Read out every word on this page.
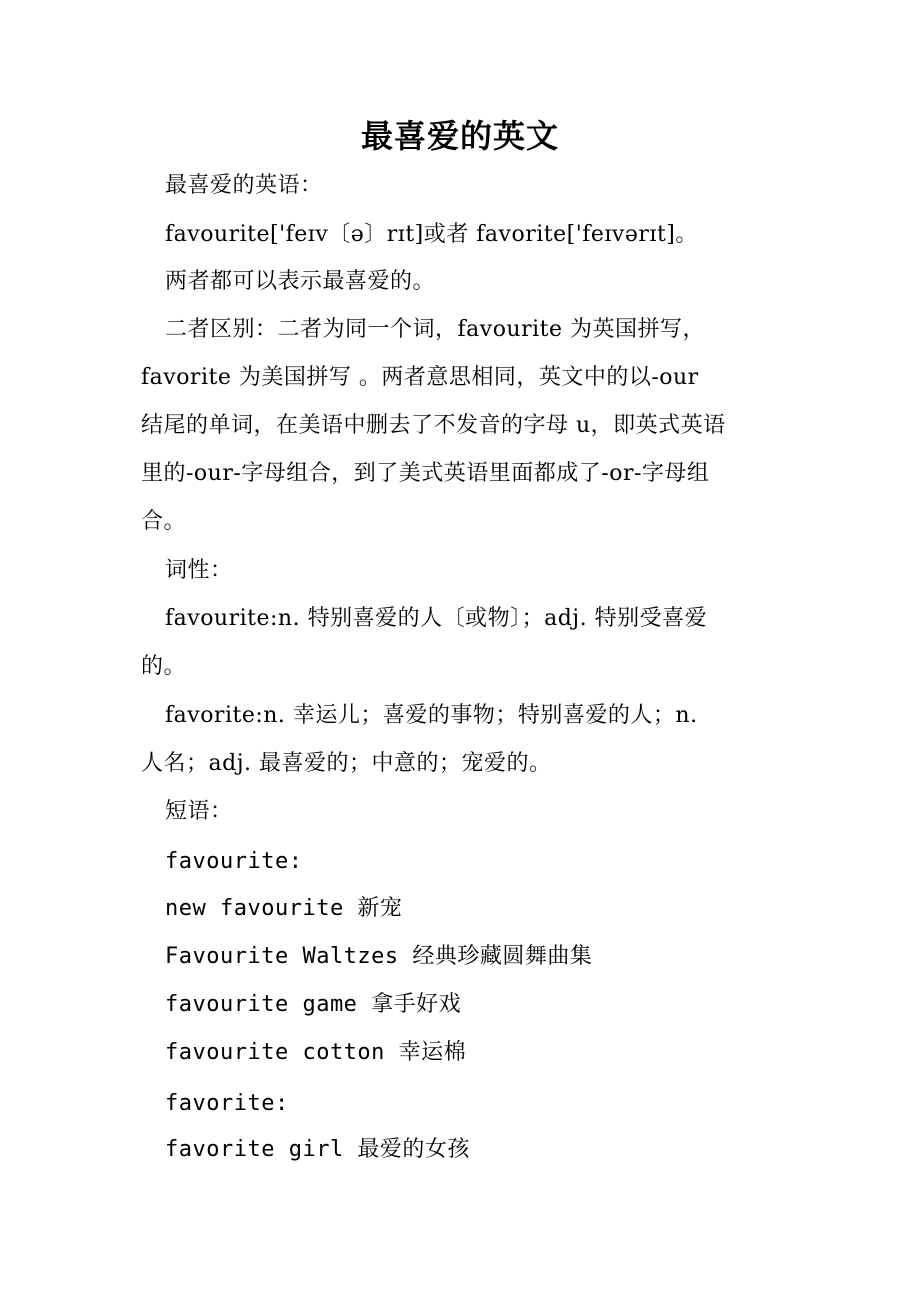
最喜爱的英文
最喜爱的英语：
favourite['feɪv〔ə〕rɪt]或者 favorite['feɪvərɪt]。
两者都可以表示最喜爱的。
二者区别：二者为同一个词，favourite 为英国拼写，
favorite 为美国拼写 。两者意思相同，英文中的以-our
结尾的单词，在美语中删去了不发音的字母 u，即英式英语
里的-our-字母组合，到了美式英语里面都成了-or-字母组
合。
词性：
favourite:n. 特别喜爱的人〔或物〕；adj. 特别受喜爱
的。
favorite:n. 幸运儿；喜爱的事物；特别喜爱的人；n.
人名；adj. 最喜爱的；中意的；宠爱的。
短语：
favourite:
new favourite 新宠
Favourite Waltzes 经典珍藏圆舞曲集
favourite game 拿手好戏
favourite cotton 幸运棉
favorite:
favorite girl 最爱的女孩
